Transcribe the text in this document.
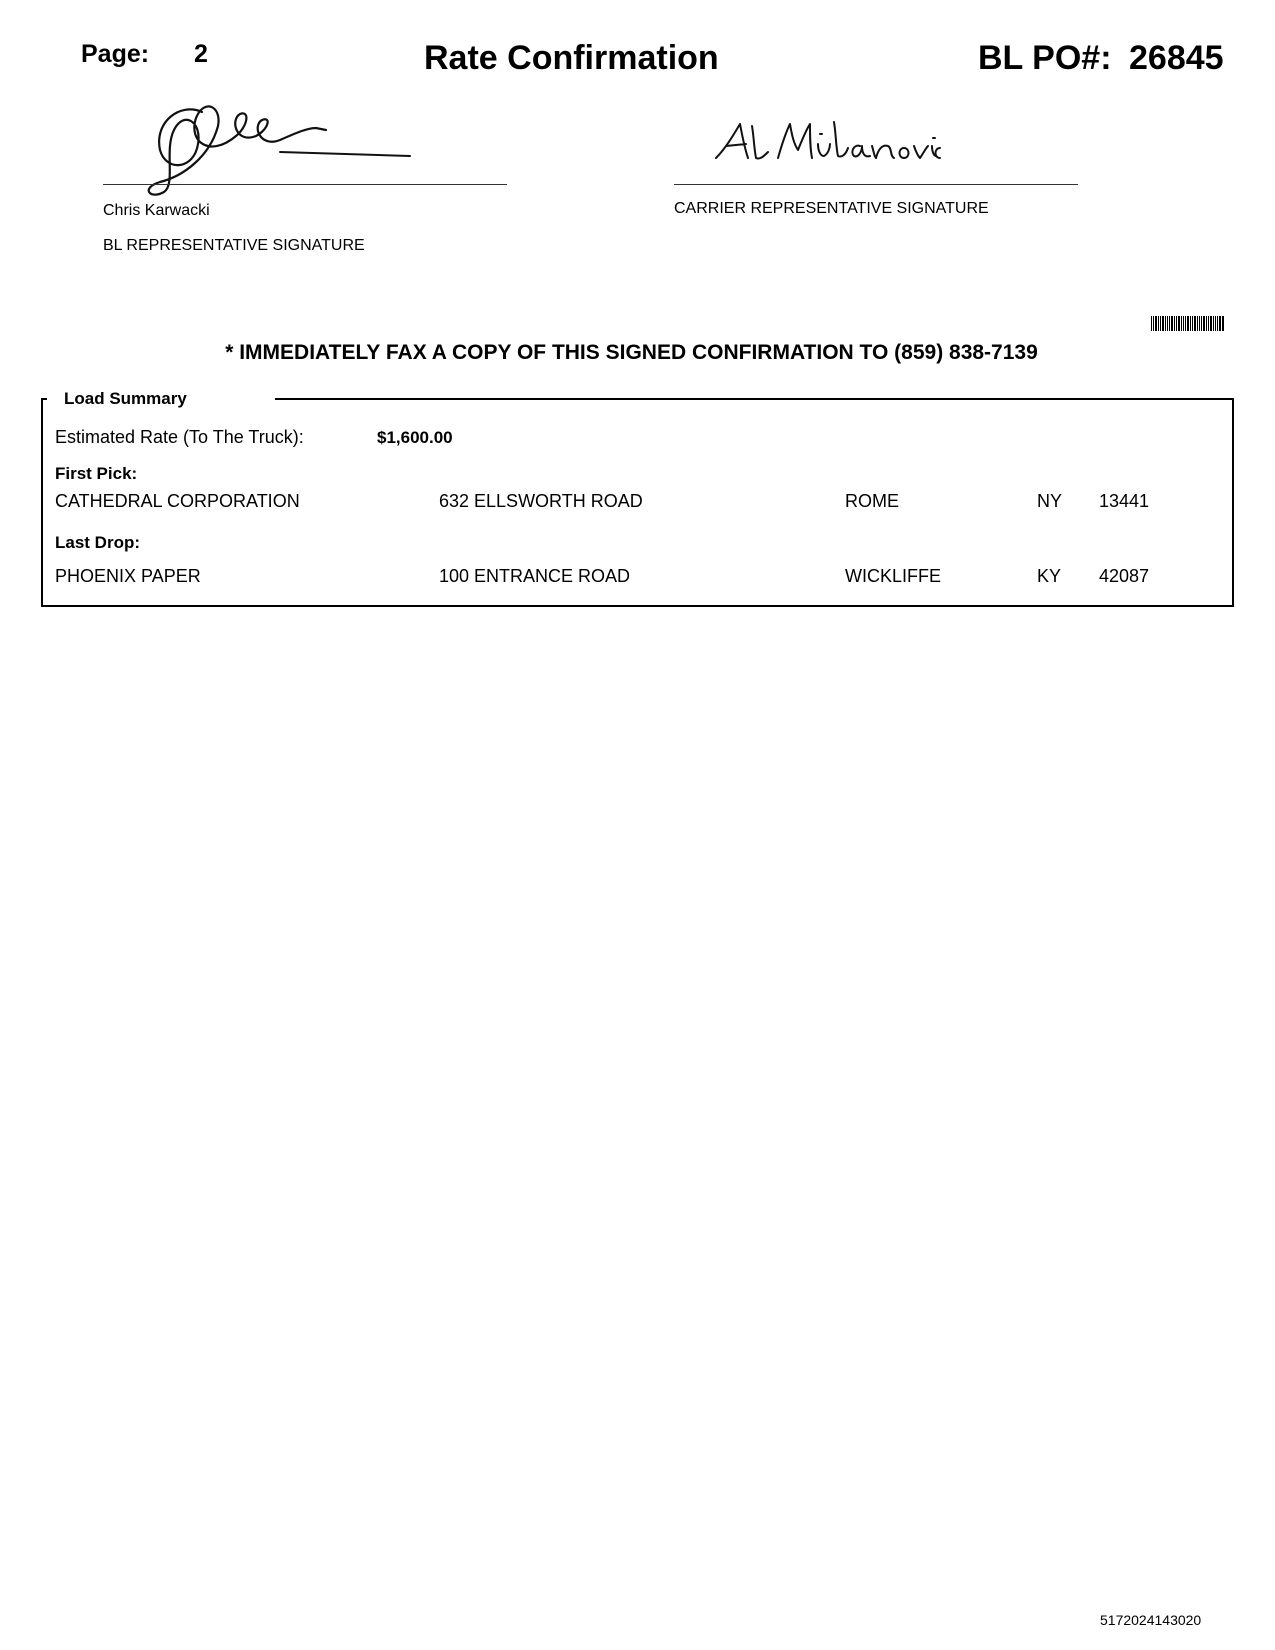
Page: 2	Rate Confirmation	BL PO#: 26845
Chris Karwacki
BL REPRESENTATIVE SIGNATURE
CARRIER REPRESENTATIVE SIGNATURE
* IMMEDIATELY FAX A COPY OF THIS SIGNED CONFIRMATION TO (859) 838-7139
Load Summary
Estimated Rate (To The Truck):	$1,600.00
First Pick:
CATHEDRAL CORPORATION	632 ELLSWORTH ROAD	ROME	NY 13441
Last Drop:
PHOENIX PAPER	100 ENTRANCE ROAD	WICKLIFFE	KY 42087
5172024143020
